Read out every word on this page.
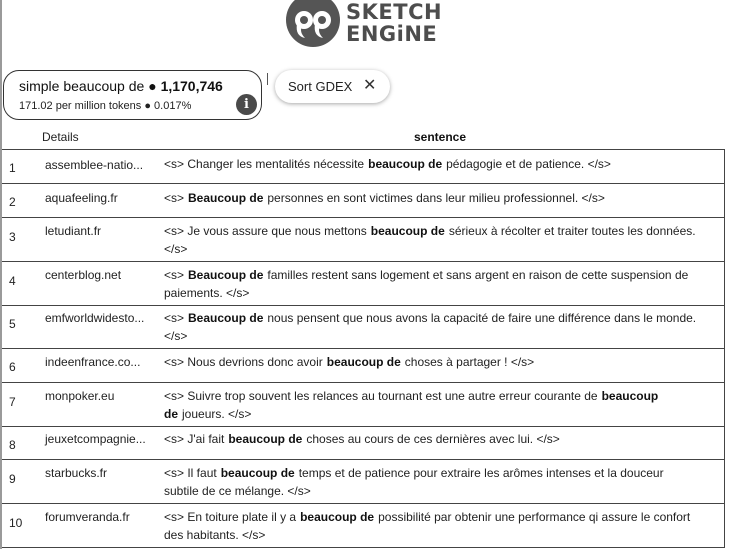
SKETCH
ENGiNE
simple beaucoup de ● 1,170,746
171.02 per million tokens ● 0.017%	i
Sort GDEX ✕
Details	sentence
1 assemblee-natio... <s> Changer les mentalités nécessite beaucoup de pédagogie et de patience. </s>
2 aquafeeling.fr	<s> Beaucoup de personnes en sont victimes dans leur milieu professionnel. </s>
3 letudiant.fr	<s> Je vous assure que nous mettons beaucoup de sérieux à récolter et traiter toutes les données. </s>
4 centerblog.net	<s> Beaucoup de familles restent sans logement et sans argent en raison de cette suspension de paiements. </s>
5 emfworldwidesto... <s> Beaucoup de nous pensent que nous avons la capacité de faire une différence dans le monde. </s>
6 indeenfrance.co... <s> Nous devrions donc avoir beaucoup de choses à partager ! </s>
7 monpoker.eu	<s> Suivre trop souvent les relances au tournant est une autre erreur courante de beaucoup de joueurs. </s>
8 jeuxetcompagnie... <s> J'ai fait beaucoup de choses au cours de ces dernières avec lui. </s>
9 starbucks.fr	<s> Il faut beaucoup de temps et de patience pour extraire les arômes intenses et la douceur subtile de ce mélange. </s>
10 forumveranda.fr	<s> En toiture plate il y a beaucoup de possibilité par obtenir une performance qi assure le confort des habitants. </s>
